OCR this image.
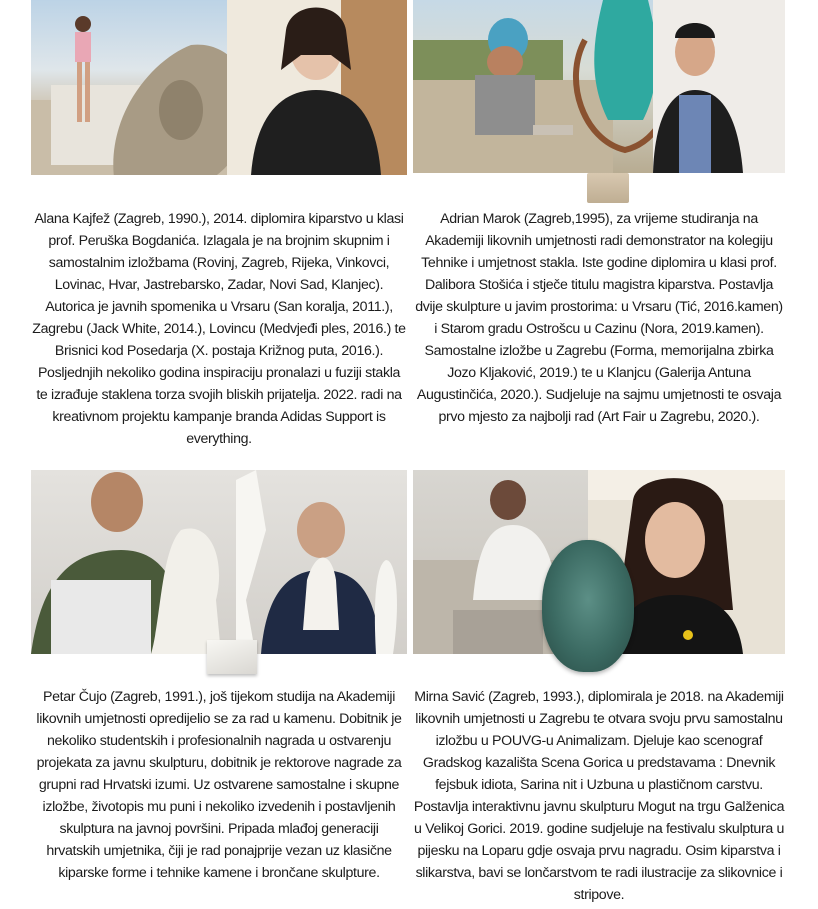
Alana Kajfež (Zagreb, 1990.), 2014. diplomira kiparstvo u klasi prof. Peruška Bogdanića. Izlagala je na brojnim skupnim i samostalnim izložbama (Rovinj, Zagreb, Rijeka, Vinkovci, Lovinac, Hvar, Jastrebarsko, Zadar, Novi Sad, Klanjec). Autorica je javnih spomenika u Vrsaru (San koralja, 2011.), Zagrebu (Jack White, 2014.), Lovincu (Medvjeđi ples, 2016.) te Brisnici kod Posedarja (X. postaja Križnog puta, 2016.). Posljednjih nekoliko godina inspiraciju pronalazi u fuziji stakla te izrađuje staklena torza svojih bliskih prijatelja. 2022. radi na kreativnom projektu kampanje branda Adidas Support is everything.
Adrian Marok (Zagreb,1995), za vrijeme studiranja na Akademiji likovnih umjetnosti radi demonstrator na kolegiju Tehnike i umjetnost stakla. Iste godine diplomira u klasi prof. Dalibora Stošića i stječe titulu magistra kiparstva. Postavlja dvije skulpture u javim prostorima: u Vrsaru (Tić, 2016.kamen) i Starom gradu Ostrošcu u Cazinu (Nora, 2019.kamen). Samostalne izložbe u Zagrebu (Forma, memorijalna zbirka Jozo Kljaković, 2019.) te u Klanjcu (Galerija Antuna Augustinčića, 2020.). Sudjeluje na sajmu umjetnosti te osvaja prvo mjesto za najbolji rad (Art Fair u Zagrebu, 2020.).
Petar Čujo (Zagreb, 1991.), još tijekom studija na Akademiji likovnih umjetnosti opredijelio se za rad u kamenu. Dobitnik je nekoliko studentskih i profesionalnih nagrada u ostvarenju projekata za javnu skulpturu, dobitnik je rektorove nagrade za grupni rad Hrvatski izumi. Uz ostvarene samostalne i skupne izložbe, životopis mu puni i nekoliko izvedenih i postavljenih skulptura na javnoj površini. Pripada mlađoj generaciji hrvatskih umjetnika, čiji je rad ponajprije vezan uz klasične kiparske forme i tehnike kamene i brončane skulpture.
Mirna Savić (Zagreb, 1993.), diplomirala je 2018. na Akademiji likovnih umjetnosti u Zagrebu te otvara svoju prvu samostalnu izložbu u POUVG-u Animalizam. Djeluje kao scenograf Gradskog kazališta Scena Gorica u predstavama : Dnevnik fejsbuk idiota, Sarina nit i Uzbuna u plastičnom carstvu. Postavlja interaktivnu javnu skulpturu Mogut na trgu Galženica u Velikoj Gorici. 2019. godine sudjeluje na festivalu skulptura u pijesku na Loparu gdje osvaja prvu nagradu. Osim kiparstva i slikarstva, bavi se lončarstvom te radi ilustracije za slikovnice i stripove.
